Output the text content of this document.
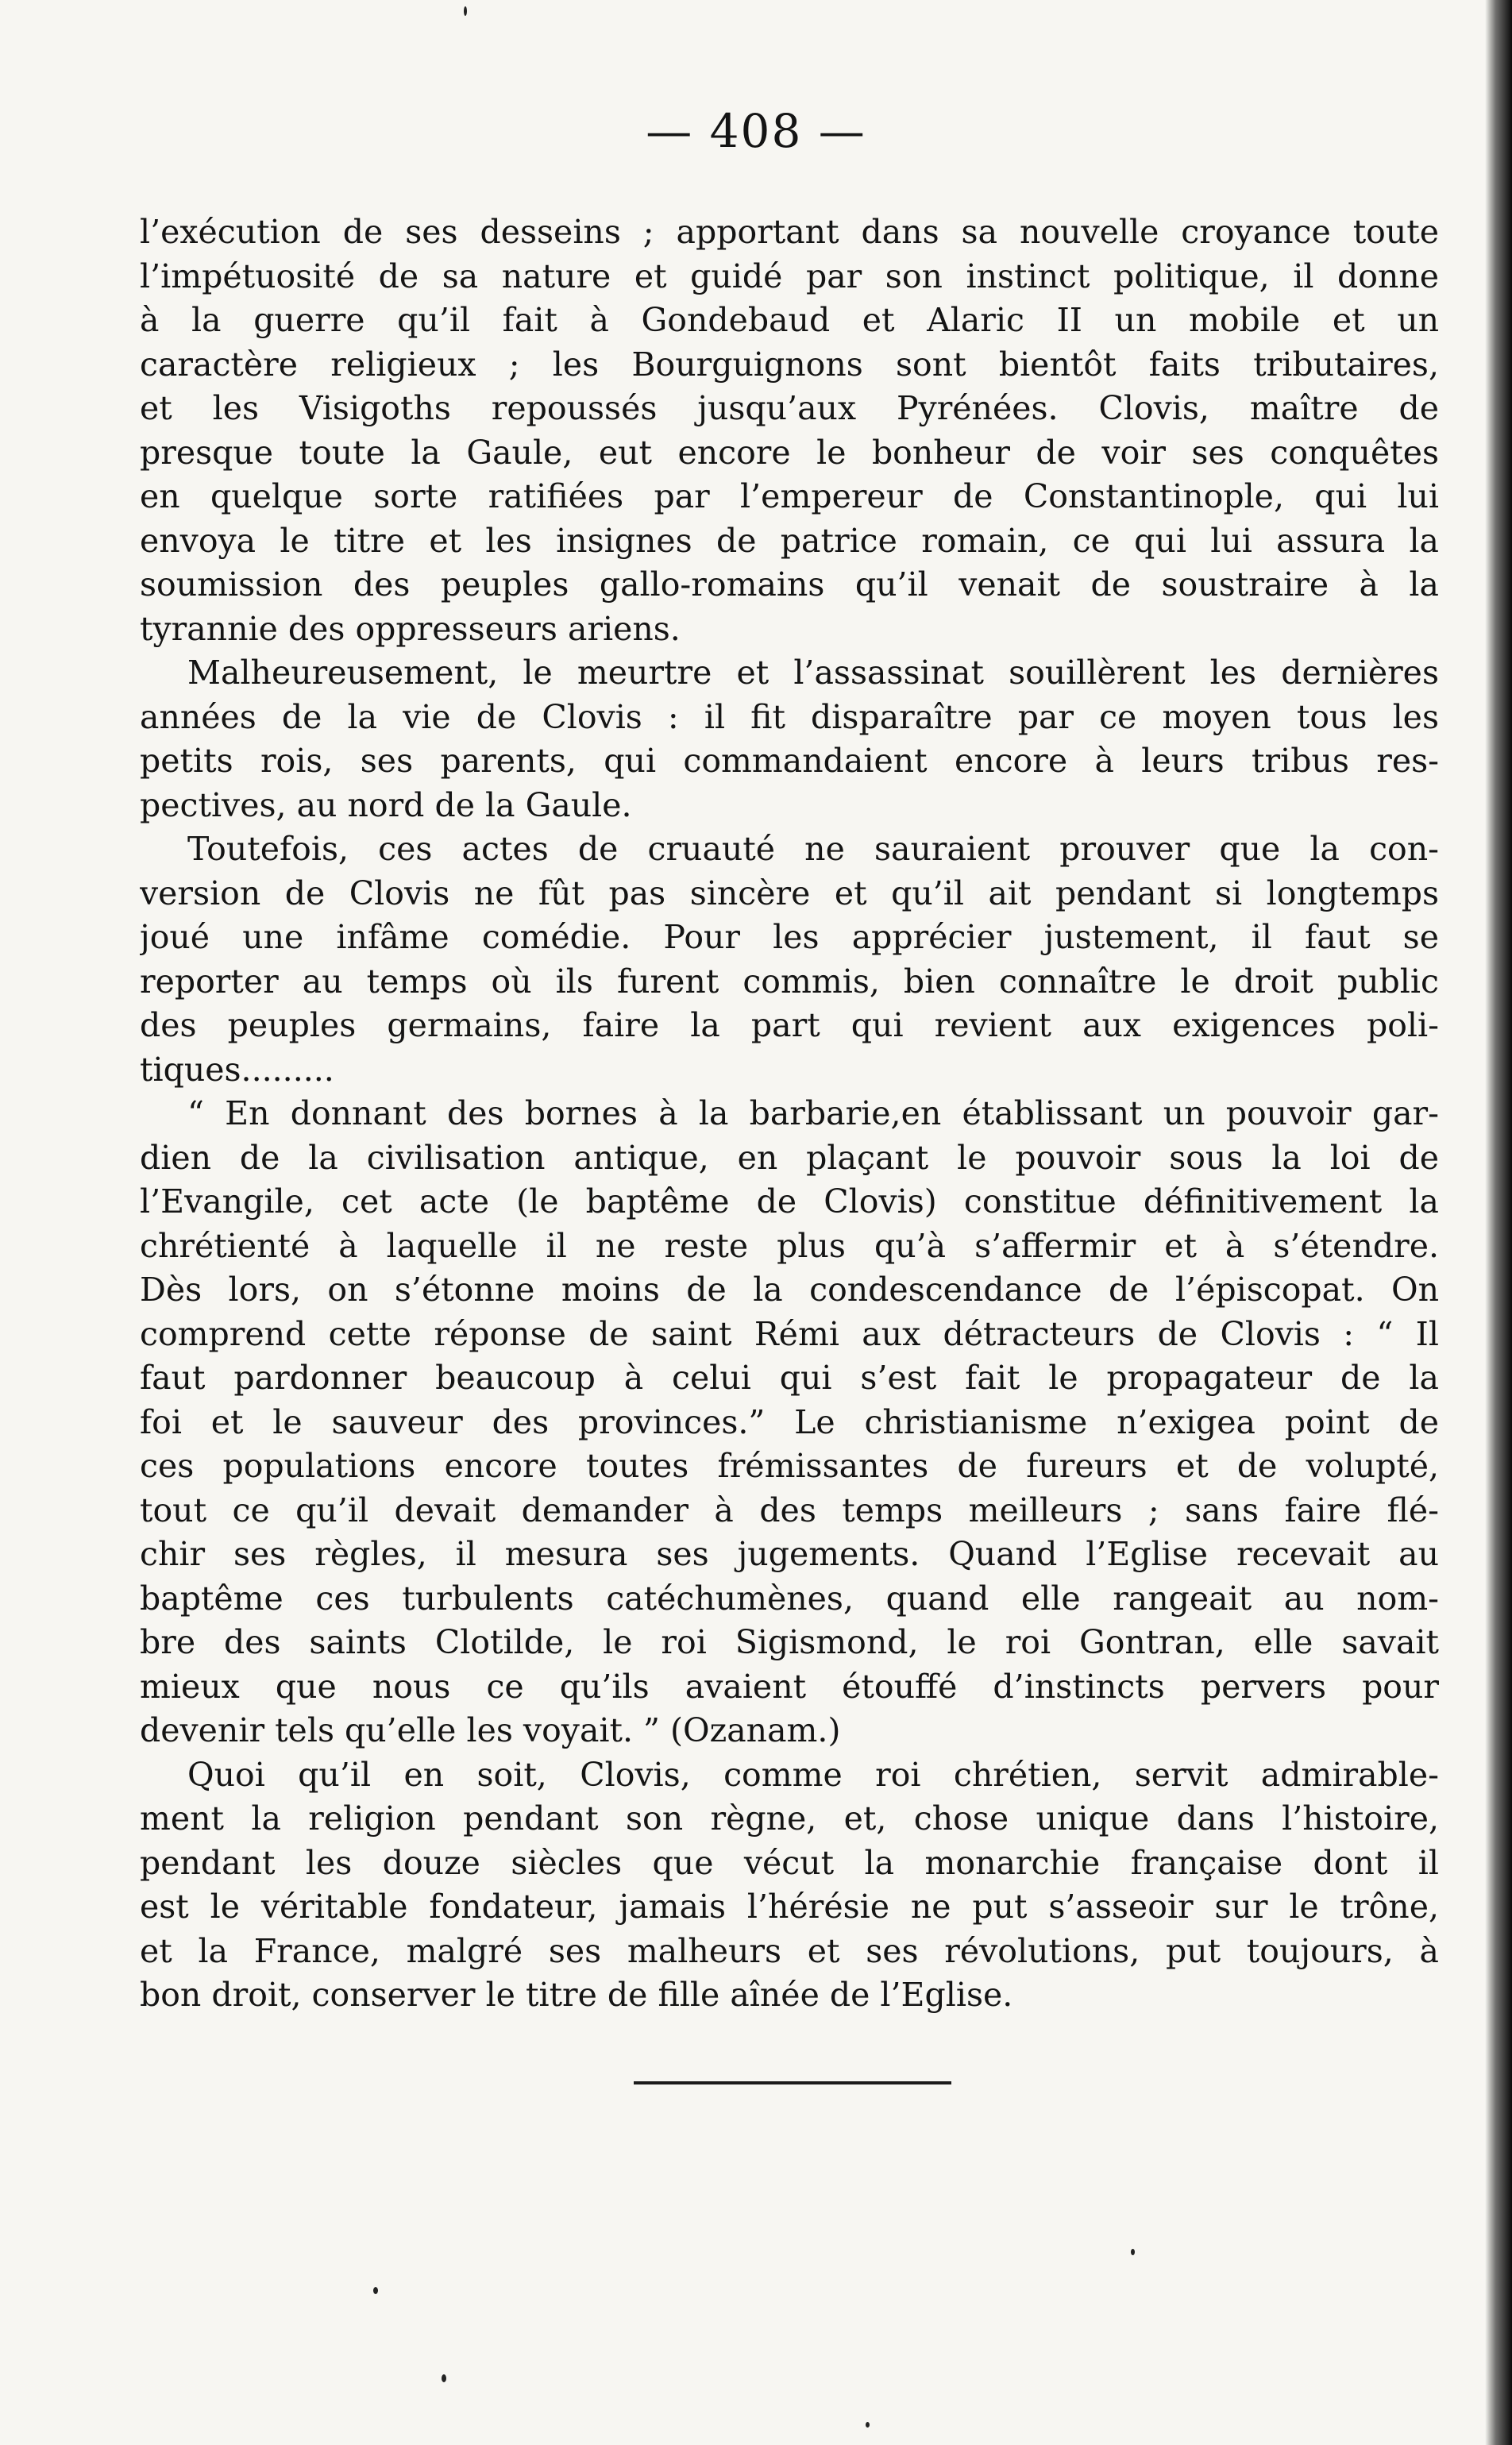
— 408 —
l’exécution de ses desseins ; apportant dans sa nouvelle croyance toute
l’impétuosité de sa nature et guidé par son instinct politique, il donne
à la guerre qu’il fait à Gondebaud et Alaric II un mobile et un
caractère religieux ; les Bourguignons sont bientôt faits tributaires,
et les Visigoths repoussés jusqu’aux Pyrénées. Clovis, maître de
presque toute la Gaule, eut encore le bonheur de voir ses conquêtes
en quelque sorte ratifiées par l’empereur de Constantinople, qui lui
envoya le titre et les insignes de patrice romain, ce qui lui assura la
soumission des peuples gallo-romains qu’il venait de soustraire à la
tyrannie des oppresseurs ariens.
Malheureusement, le meurtre et l’assassinat souillèrent les dernières
années de la vie de Clovis : il fit disparaître par ce moyen tous les
petits rois, ses parents, qui commandaient encore à leurs tribus res-
pectives, au nord de la Gaule.
Toutefois, ces actes de cruauté ne sauraient prouver que la con-
version de Clovis ne fût pas sincère et qu’il ait pendant si longtemps
joué une infâme comédie. Pour les apprécier justement, il faut se
reporter au temps où ils furent commis, bien connaître le droit public
des peuples germains, faire la part qui revient aux exigences poli-
tiques.........
“ En donnant des bornes à la barbarie,en établissant un pouvoir gar-
dien de la civilisation antique, en plaçant le pouvoir sous la loi de
l’Evangile, cet acte (le baptême de Clovis) constitue définitivement la
chrétienté à laquelle il ne reste plus qu’à s’affermir et à s’étendre.
Dès lors, on s’étonne moins de la condescendance de l’épiscopat. On
comprend cette réponse de saint Rémi aux détracteurs de Clovis : “ Il
faut pardonner beaucoup à celui qui s’est fait le propagateur de la
foi et le sauveur des provinces.” Le christianisme n’exigea point de
ces populations encore toutes frémissantes de fureurs et de volupté,
tout ce qu’il devait demander à des temps meilleurs ; sans faire flé-
chir ses règles, il mesura ses jugements. Quand l’Eglise recevait au
baptême ces turbulents catéchumènes, quand elle rangeait au nom-
bre des saints Clotilde, le roi Sigismond, le roi Gontran, elle savait
mieux que nous ce qu’ils avaient étouffé d’instincts pervers pour
devenir tels qu’elle les voyait. ” (Ozanam.)
Quoi qu’il en soit, Clovis, comme roi chrétien, servit admirable-
ment la religion pendant son règne, et, chose unique dans l’histoire,
pendant les douze siècles que vécut la monarchie française dont il
est le véritable fondateur, jamais l’hérésie ne put s’asseoir sur le trône,
et la France, malgré ses malheurs et ses révolutions, put toujours, à
bon droit, conserver le titre de fille aînée de l’Eglise.
